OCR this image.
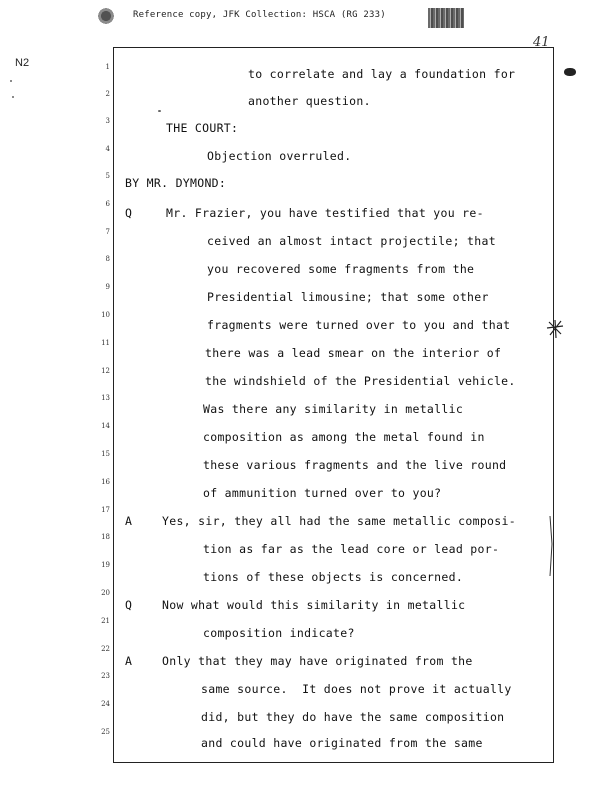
Reference copy, JFK Collection: HSCA (RG 233)
41
N2	1
2
3
4
5
6
7
8
9
10
11
12
13
14
15
16
17
18
19
20
21
22
23
24
25
to correlate and lay a foundation for
another question.
THE COURT:
Objection overruled.
BY MR. DYMOND:
Q	Mr. Frazier, you have testified that you re-
ceived an almost intact projectile; that
you recovered some fragments from the
Presidential limousine; that some other
fragments were turned over to you and that
there was a lead smear on the interior of
the windshield of the Presidential vehicle.
Was there any similarity in metallic
composition as among the metal found in
these various fragments and the live round
of ammunition turned over to you?
A	Yes, sir, they all had the same metallic composi-
tion as far as the lead core or lead por-
tions of these objects is concerned.
Q	Now what would this similarity in metallic
composition indicate?
A	Only that they may have originated from the
same source.  It does not prove it actually
did, but they do have the same composition
and could have originated from the same
